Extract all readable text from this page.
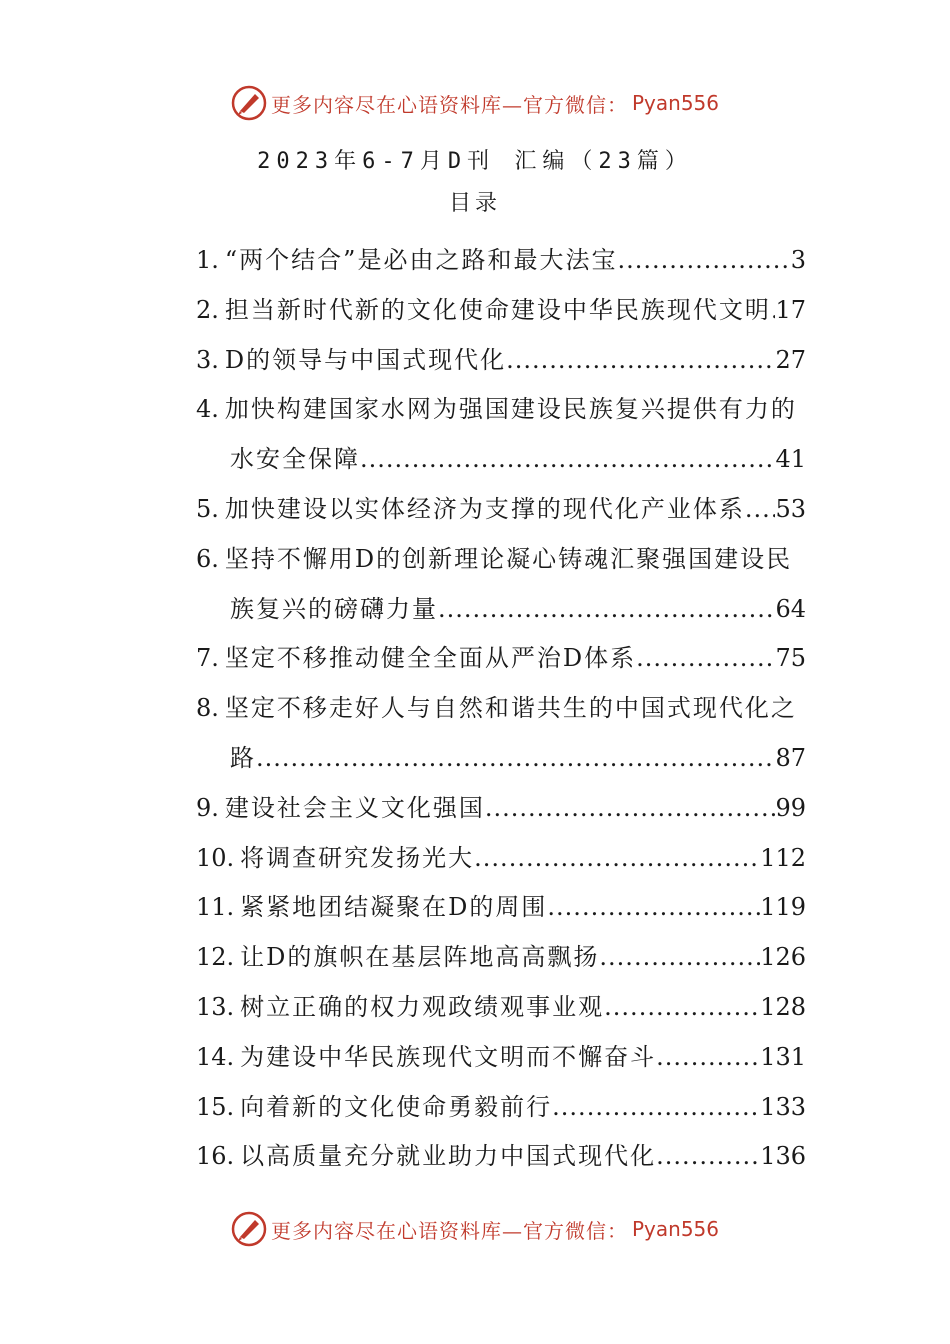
更多内容尽在心语资料库—官方微信： Pyan556
2023年6-7月D刊 汇编（23篇）
目录
1. “两个结合”是必由之路和最大法宝 .....	3
2. 担当新时代新的文化使命建设中华民族现代文明 ..... 17
3. D的领导与中国式现代化 .....	27
4. 加快构建国家水网为强国建设民族复兴提供有力的
水安全保障 .....	41
5. 加快建设以实体经济为支撑的现代化产业体系 ..... 53
6. 坚持不懈用D的创新理论凝心铸魂汇聚强国建设民
族复兴的磅礴力量 .....	64
7. 坚定不移推动健全全面从严治D体系 .....	75
8. 坚定不移走好人与自然和谐共生的中国式现代化之
路 .....	87
9. 建设社会主义文化强国 .....	99
10. 将调查研究发扬光大 .....	112
11. 紧紧地团结凝聚在D的周围 .....	119
12. 让D的旗帜在基层阵地高高飘扬 .....	126
13. 树立正确的权力观政绩观事业观 .....	128
14. 为建设中华民族现代文明而不懈奋斗 .....	131
15. 向着新的文化使命勇毅前行 .....	133
16. 以高质量充分就业助力中国式现代化 .....	136
更多内容尽在心语资料库—官方微信： Pyan556
